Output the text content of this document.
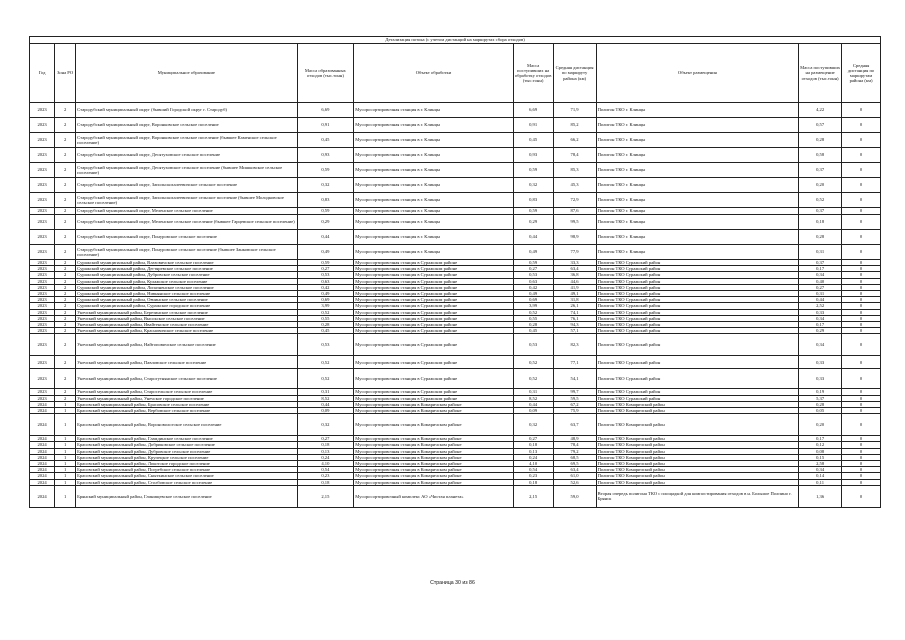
Детализация потока (с учетом дистанций на маршрутах сбора отходов)									
Год	Зона РО	Муниципальное образование	Масса образованных отходов (тыс.тонн)	Объект обработки	Масса поступивших на обработку отходов (тыс.тонн)	Средняя дистанция по маршруту района (км)	Объект размещения	Масса поступивших на размещение отходов (тыс.тонн)	Средняя дистанция по маршрутам района (км)
2023	2	Стародубский муниципальный округ (бывший Городской округ г. Стародуб)	6,69	Мусоросортировочная станция в г. Клинцы	6,69	71,9	Полигон ТКО г. Клинцы	4,22	0
2023	2	Стародубский муниципальный округ, Воронковское сельское поселение	0,91	Мусоросортировочная станция в г. Клинцы	0,91	85,2	Полигон ТКО г. Клинцы	0,57	0
2023	2	Стародубский муниципальный округ, Воронковское сельское поселение (бывшее Каменское сельское поселение)	0,45	Мусоросортировочная станция в г. Клинцы	0,45	66,2	Полигон ТКО г. Клинцы	0,28	0
2023	2	Стародубский муниципальный округ, Десятуховское сельское поселение	0,93	Мусоросортировочная станция в г. Клинцы	0,93	78,4	Полигон ТКО г. Клинцы	0,58	0
2023	2	Стародубский муниципальный округ, Десятуховское сельское поселение (бывшее Мишковское сельское поселение)	0,59	Мусоросортировочная станция в г. Клинцы	0,59	85,3	Полигон ТКО г. Клинцы	0,37	0
2023	2	Стародубский муниципальный округ, Запольскохалеевичское сельское поселение	0,32	Мусоросортировочная станция в г. Клинцы	0,32	45,3	Полигон ТКО г. Клинцы	0,20	0
2023	2	Стародубский муниципальный округ, Запольскохалеевичское сельское поселение (бывшее Молодковское сельское поселение)	0,83	Мусоросортировочная станция в г. Клинцы	0,83	72,9	Полигон ТКО г. Клинцы	0,52	0
2023	2	Стародубский муниципальный округ, Меленское сельское поселение	0,59	Мусоросортировочная станция в г. Клинцы	0,59	87,6	Полигон ТКО г. Клинцы	0,37	0
2023	2	Стародубский муниципальный округ, Меленское сельское поселение (бывшее Гарцевское сельское поселение)	0,29	Мусоросортировочная станция в г. Клинцы	0,29	99,5	Полигон ТКО г. Клинцы	0,18	0
2023	2	Стародубский муниципальный округ, Понуровское сельское поселение	0,44	Мусоросортировочная станция в г. Клинцы	0,44	98,9	Полигон ТКО г. Клинцы	0,28	0
2023	2	Стародубский муниципальный округ, Понуровское сельское поселение (бывшее Занковское сельское поселение)	0,49	Мусоросортировочная станция в г. Клинцы	0,49	77,9	Полигон ТКО г. Клинцы	0,31	0
2023	2	Суражский муниципальный район, Влазовичское сельское поселение	0,59	Мусоросортировочная станция в Суражском районе	0,59	33,3	Полигон ТКО Суражский район	0,37	0
2023	2	Суражский муниципальный район, Дегтяревское сельское поселение	0,27	Мусоросортировочная станция в Суражском районе	0,27	63,4	Полигон ТКО Суражский район	0,17	0
2023	2	Суражский муниципальный район, Дубровское сельское поселение	0,53	Мусоросортировочная станция в Суражском районе	0,53	36,8	Полигон ТКО Суражский район	0,34	0
2023	2	Суражский муниципальный район, Кулажское сельское поселение	0,63	Мусоросортировочная станция в Суражском районе	0,63	44,6	Полигон ТКО Суражский район	0,40	0
2023	2	Суражский муниципальный район, Лопазненское сельское поселение	0,42	Мусоросортировочная станция в Суражском районе	0,42	41,9	Полигон ТКО Суражский район	0,27	0
2023	2	Суражский муниципальный район, Нивнянское сельское поселение	0,49	Мусоросортировочная станция в Суражском районе	0,49	49,1	Полигон ТКО Суражский район	0,31	0
2023	2	Суражский муниципальный район, Овчинское сельское поселение	0,69	Мусоросортировочная станция в Суражском районе	0,69	31,8	Полигон ТКО Суражский район	0,44	0
2023	2	Суражский муниципальный район, Суражское городское поселение	3,99	Мусоросортировочная станция в Суражском районе	3,99	26,1	Полигон ТКО Суражский район	2,52	0
2023	2	Унечский муниципальный район, Березинское сельское поселение	0,52	Мусоросортировочная станция в Суражском районе	0,52	74,1	Полигон ТКО Суражский район	0,33	0
2023	2	Унечский муниципальный район, Высокское сельское поселение	0,55	Мусоросортировочная станция в Суражском районе	0,55	76,1	Полигон ТКО Суражский район	0,34	0
2023	2	Унечский муниципальный район, Ивайтенское сельское поселение	0,28	Мусоросортировочная станция в Суражском районе	0,28	94,3	Полигон ТКО Суражский район	0,17	0
2023	2	Унечский муниципальный район, Красновичское сельское поселение	0,45	Мусоросортировочная станция в Суражском районе	0,45	57,1	Полигон ТКО Суражский район	0,29	0
2023	2	Унечский муниципальный район, Найтоповичское сельское поселение	0,53	Мусоросортировочная станция в Суражском районе	0,53	82,3	Полигон ТКО Суражский район	0,34	0
2023	2	Унечский муниципальный район, Павловское сельское поселение	0,52	Мусоросортировочная станция в Суражском районе	0,52	77,1	Полигон ТКО Суражский район	0,33	0
2023	2	Унечский муниципальный район, Старогутнянское сельское поселение	0,52	Мусоросортировочная станция в Суражском районе	0,52	54,1	Полигон ТКО Суражский район	0,33	0
2023	2	Унечский муниципальный район, Старосельское сельское поселение	0,31	Мусоросортировочная станция в Суражском районе	0,31	99,7	Полигон ТКО Суражский район	0,19	0
2023	2	Унечский муниципальный район, Унечское городское поселение	8,52	Мусоросортировочная станция в Суражском районе	8,52	59,5	Полигон ТКО Суражский район	5,37	0
2024	1	Брасовский муниципальный район, Брасовское сельское поселение	0,44	Мусоросортировочная станция в Комаричском районе	0,44	67,2	Полигон ТКО Комаричский район	0,28	0
2024	1	Брасовский муниципальный район, Вербовское сельское поселение	0,09	Мусоросортировочная станция в Комаричском районе	0,09	75,9	Полигон ТКО Комаричский район	0,05	0
2024	1	Брасовский муниципальный район, Вороновологское сельское поселение	0,32	Мусоросортировочная станция в Комаричском районе	0,32	63,7	Полигон ТКО Комаричский район	0,20	0
2024	1	Брасовский муниципальный район, Гламдинское сельское поселение	0,27	Мусоросортировочная станция в Комаричском районе	0,27	48,9	Полигон ТКО Комаричский район	0,17	0
2024	1	Брасовский муниципальный район, Добриковское сельское поселение	0,18	Мусоросортировочная станция в Комаричском районе	0,18	78,4	Полигон ТКО Комаричский район	0,12	0
2024	1	Брасовский муниципальный район, Дубровское сельское поселение	0,13	Мусоросортировочная станция в Комаричском районе	0,13	79,2	Полигон ТКО Комаричский район	0,08	0
2024	1	Брасовский муниципальный район, Крупецкое сельское поселение	0,24	Мусоросортировочная станция в Комаричском районе	0,24	68,5	Полигон ТКО Комаричский район	0,15	0
2024	1	Брасовский муниципальный район, Локотское городское поселение	4,10	Мусоросортировочная станция в Комаричском районе	4,10	69,5	Полигон ТКО Комаричский район	2,58	0
2024	1	Брасовский муниципальный район, Погребское сельское поселение	0,54	Мусоросортировочная станция в Комаричском районе	0,54	63,4	Полигон ТКО Комаричский район	0,34	0
2024	1	Брасовский муниципальный район, Сныткинское сельское поселение	0,23	Мусоросортировочная станция в Комаричском районе	0,23	61,0	Полигон ТКО Комаричский район	0,14	0
2024	1	Брасовский муниципальный район, Столбовское сельское поселение	0,18	Мусоросортировочная станция в Комаричском районе	0,18	52,6	Полигон ТКО Комаричский район	0,11	0
2024	1	Брянский муниципальный район, Глинищевское сельское поселение	2,15	Мусоросортировочный комплекс АО «Чистая планета»	2,15	59,0	Вторая очередь полигона ТКО с площадкой для компостирования отходов в н. Большое Полпино г. Брянск	1,36	0
Страница 30 из 86
